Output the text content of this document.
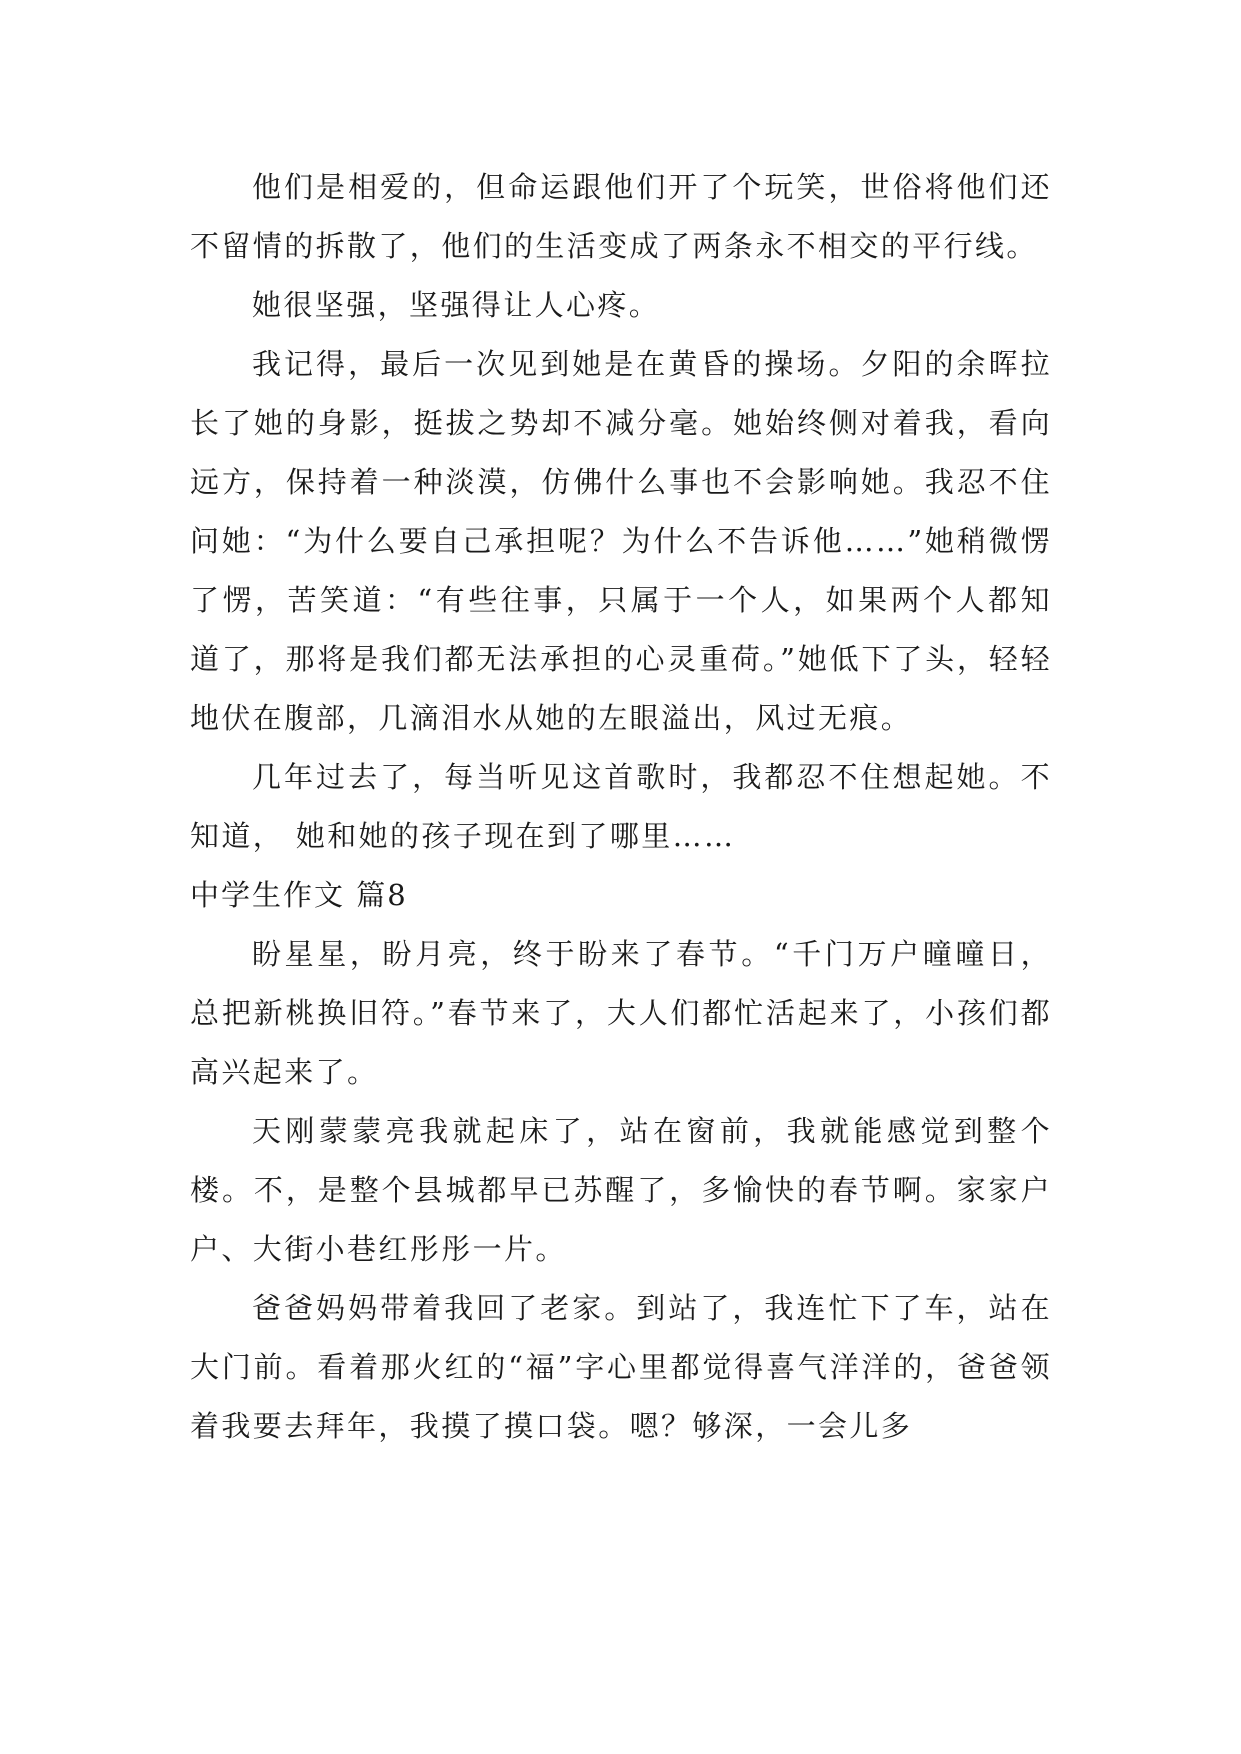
他们是相爱的，但命运跟他们开了个玩笑，世俗将他们还不留情的拆散了，他们的生活变成了两条永不相交的平行线。

她很坚强，坚强得让人心疼。

我记得，最后一次见到她是在黄昏的操场。夕阳的余晖拉长了她的身影，挺拔之势却不减分毫。她始终侧对着我，看向远方，保持着一种淡漠，仿佛什么事也不会影响她。我忍不住问她：“为什么要自己承担呢？为什么不告诉他……”她稍微愣了愣，苦笑道：“有些往事，只属于一个人，如果两个人都知道了，那将是我们都无法承担的心灵重荷。”她低下了头，轻轻地伏在腹部，几滴泪水从她的左眼溢出，风过无痕。

几年过去了，每当听见这首歌时，我都忍不住想起她。不知道， 她和她的孩子现在到了哪里……

中学生作文 篇8

盼星星，盼月亮，终于盼来了春节。“千门万户曈曈日，总把新桃换旧符。”春节来了，大人们都忙活起来了，小孩们都高兴起来了。

天刚蒙蒙亮我就起床了，站在窗前，我就能感觉到整个楼。不，是整个县城都早已苏醒了，多愉快的春节啊。家家户户、大街小巷红彤彤一片。

爸爸妈妈带着我回了老家。到站了，我连忙下了车，站在大门前。看着那火红的“福”字心里都觉得喜气洋洋的，爸爸领着我要去拜年，我摸了摸口袋。嗯？够深，一会儿多
